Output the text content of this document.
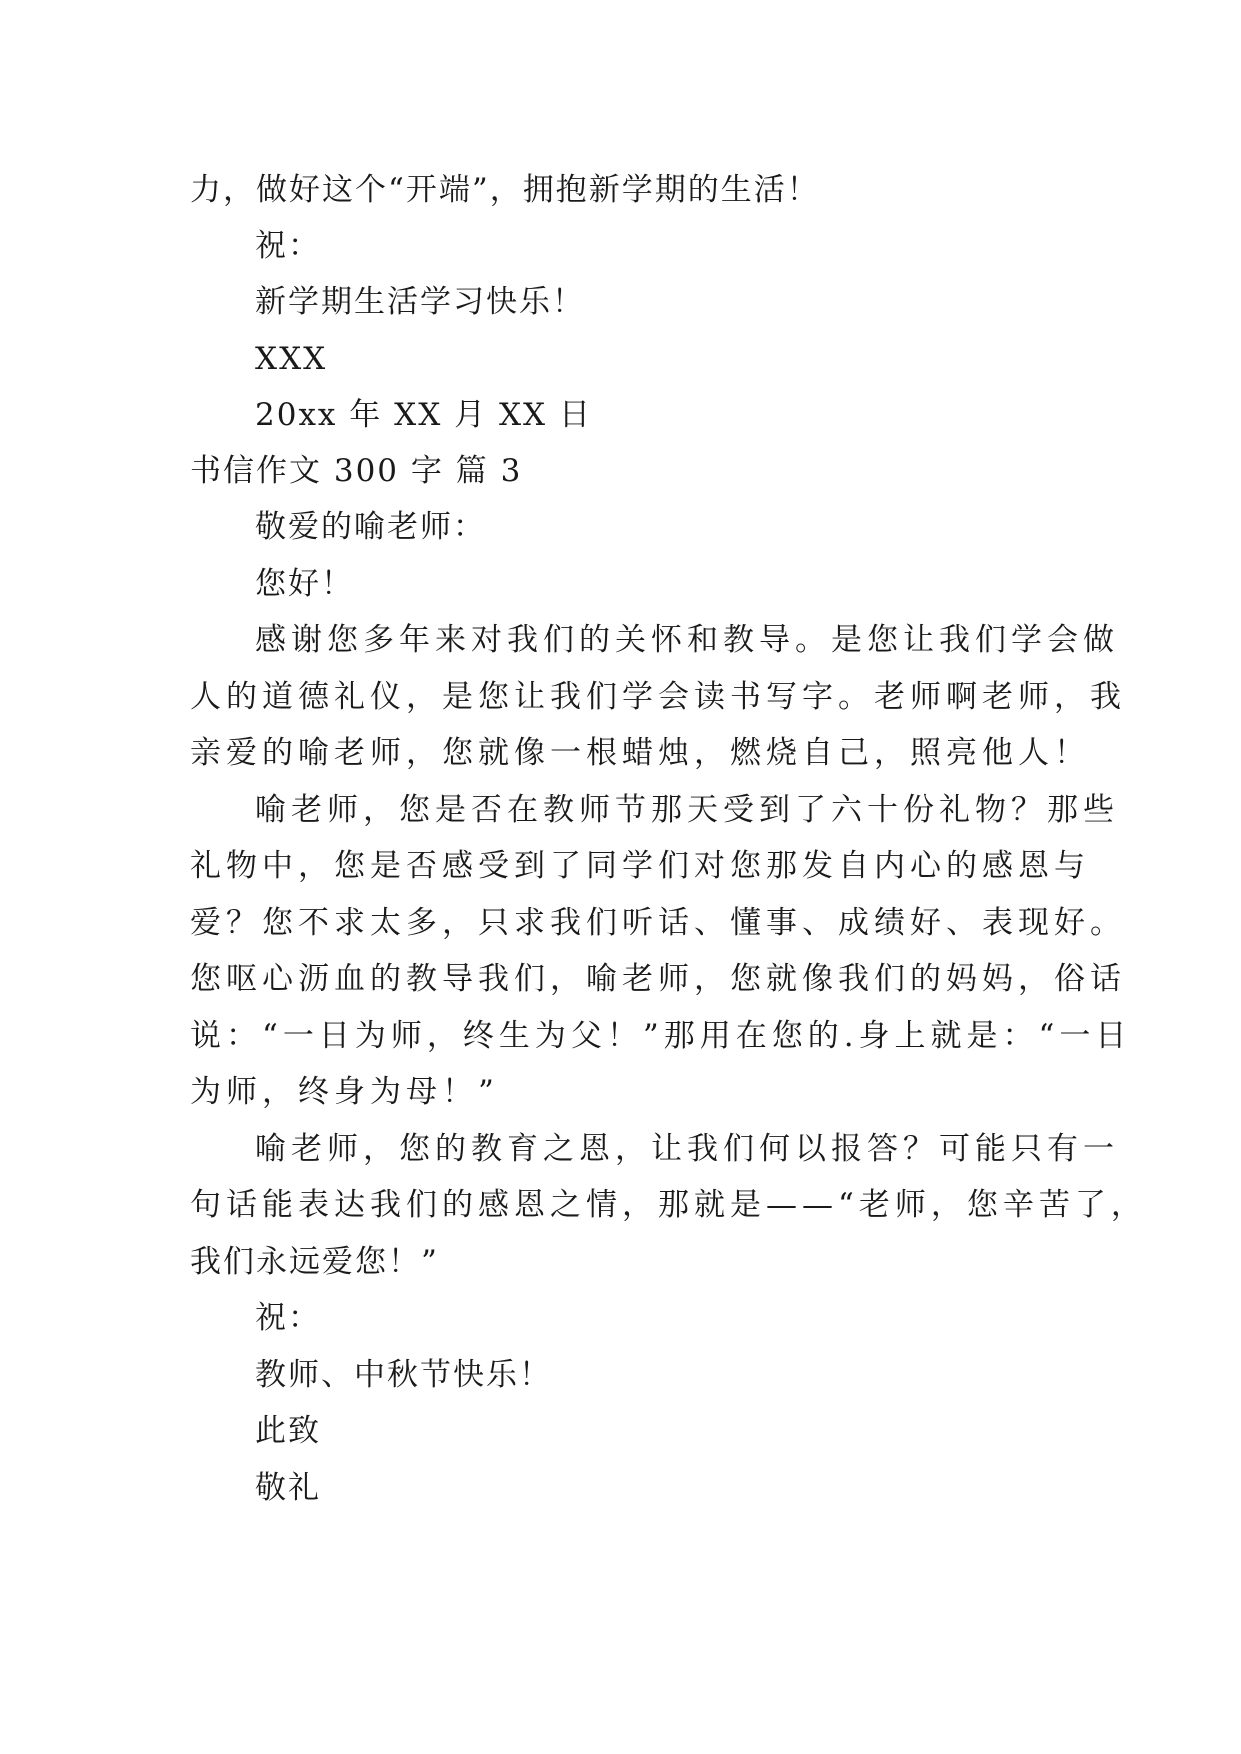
力，做好这个“开端”，拥抱新学期的生活！
祝：
新学期生活学习快乐！
XXX
20xx 年 XX 月 XX 日
书信作文 300 字 篇 3
敬爱的喻老师：
您好！
感谢您多年来对我们的关怀和教导。是您让我们学会做
人的道德礼仪，是您让我们学会读书写字。老师啊老师，我
亲爱的喻老师，您就像一根蜡烛，燃烧自己，照亮他人！
喻老师，您是否在教师节那天受到了六十份礼物？那些
礼物中，您是否感受到了同学们对您那发自内心的感恩与
爱？您不求太多，只求我们听话、懂事、成绩好、表现好。
您呕心沥血的教导我们，喻老师，您就像我们的妈妈，俗话
说：“一日为师，终生为父！”那用在您的.身上就是：“一日
为师，终身为母！”
喻老师，您的教育之恩，让我们何以报答？可能只有一
句话能表达我们的感恩之情，那就是——“老师，您辛苦了，
我们永远爱您！”
祝：
教师、中秋节快乐！
此致
敬礼
